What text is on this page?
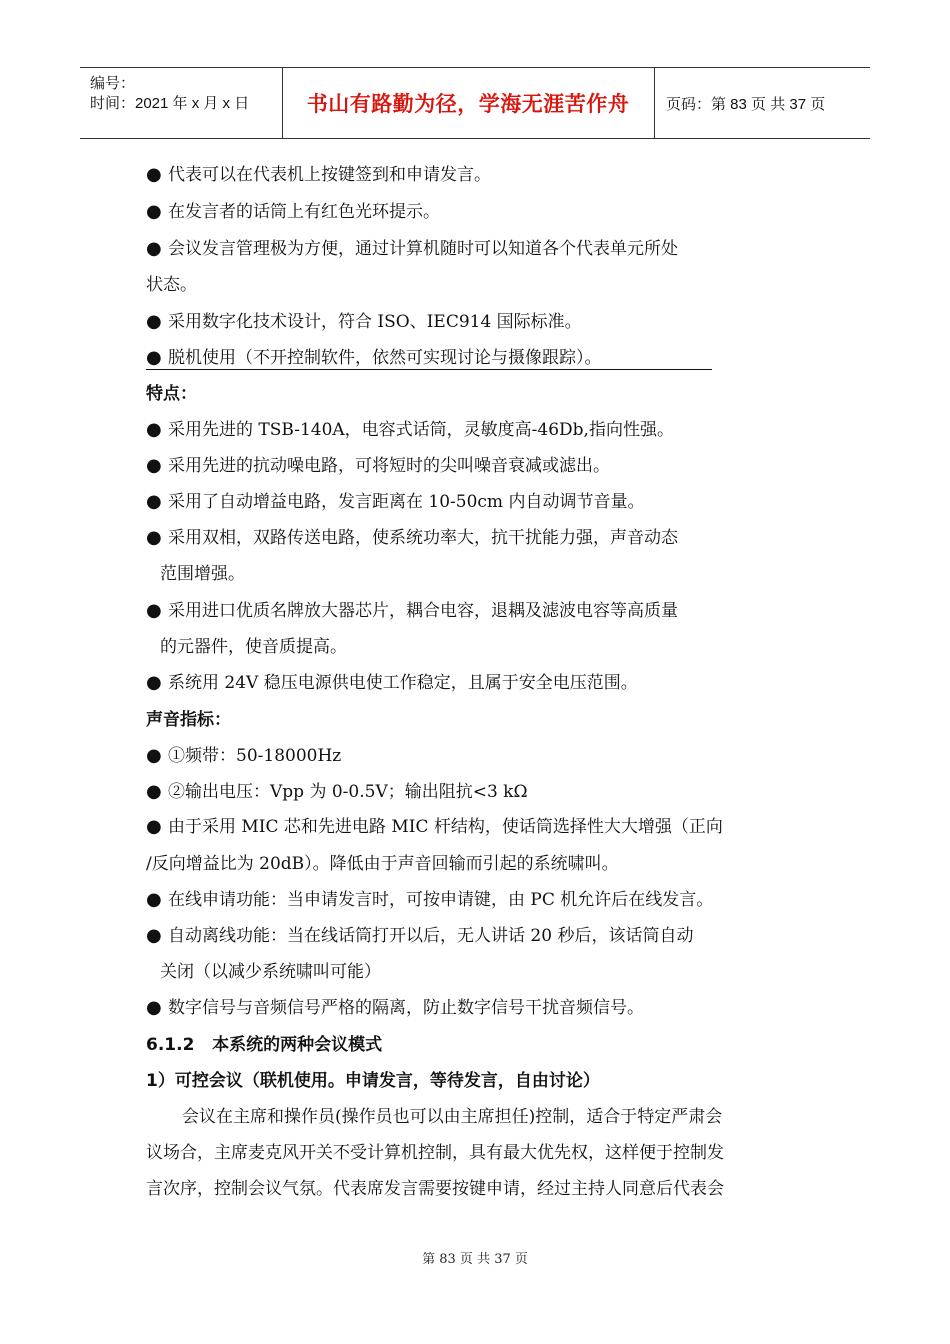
编号：
时间：2021 年 x 月 x 日	书山有路勤为径，学海无涯苦作舟	页码：第 83 页 共 37 页
● 代表可以在代表机上按键签到和申请发言。
● 在发言者的话筒上有红色光环提示。
● 会议发言管理极为方便，通过计算机随时可以知道各个代表单元所处
状态。
● 采用数字化技术设计，符合 ISO、IEC914 国际标准。
● 脱机使用（不开控制软件，依然可实现讨论与摄像跟踪）。
特点：
● 采用先进的 TSB-140A，电容式话筒，灵敏度高-46Db,指向性强。
● 采用先进的抗动噪电路，可将短时的尖叫噪音衰减或滤出。
● 采用了自动增益电路，发言距离在 10-50cm 内自动调节音量。
● 采用双相，双路传送电路，使系统功率大，抗干扰能力强，声音动态
范围增强。
● 采用进口优质名牌放大器芯片，耦合电容，退耦及滤波电容等高质量
的元器件，使音质提高。
● 系统用 24V 稳压电源供电使工作稳定，且属于安全电压范围。
声音指标：
● ①频带：50-18000Hz
● ②输出电压：Vpp 为 0-0.5V；输出阻抗<3 kΩ
● 由于采用 MIC 芯和先进电路 MIC 杆结构，使话筒选择性大大增强（正向
/反向增益比为 20dB）。降低由于声音回输而引起的系统啸叫。
● 在线申请功能：当申请发言时，可按申请键，由 PC 机允许后在线发言。
● 自动离线功能：当在线话筒打开以后，无人讲话 20 秒后，该话筒自动
关闭（以减少系统啸叫可能）
● 数字信号与音频信号严格的隔离，防止数字信号干扰音频信号。
6.1.2   本系统的两种会议模式
1）可控会议（联机使用。申请发言，等待发言，自由讨论）
会议在主席和操作员(操作员也可以由主席担任)控制，适合于特定严肃会
议场合，主席麦克风开关不受计算机控制，具有最大优先权，这样便于控制发
言次序，控制会议气氛。代表席发言需要按键申请，经过主持人同意后代表会
第 83 页 共 37 页
